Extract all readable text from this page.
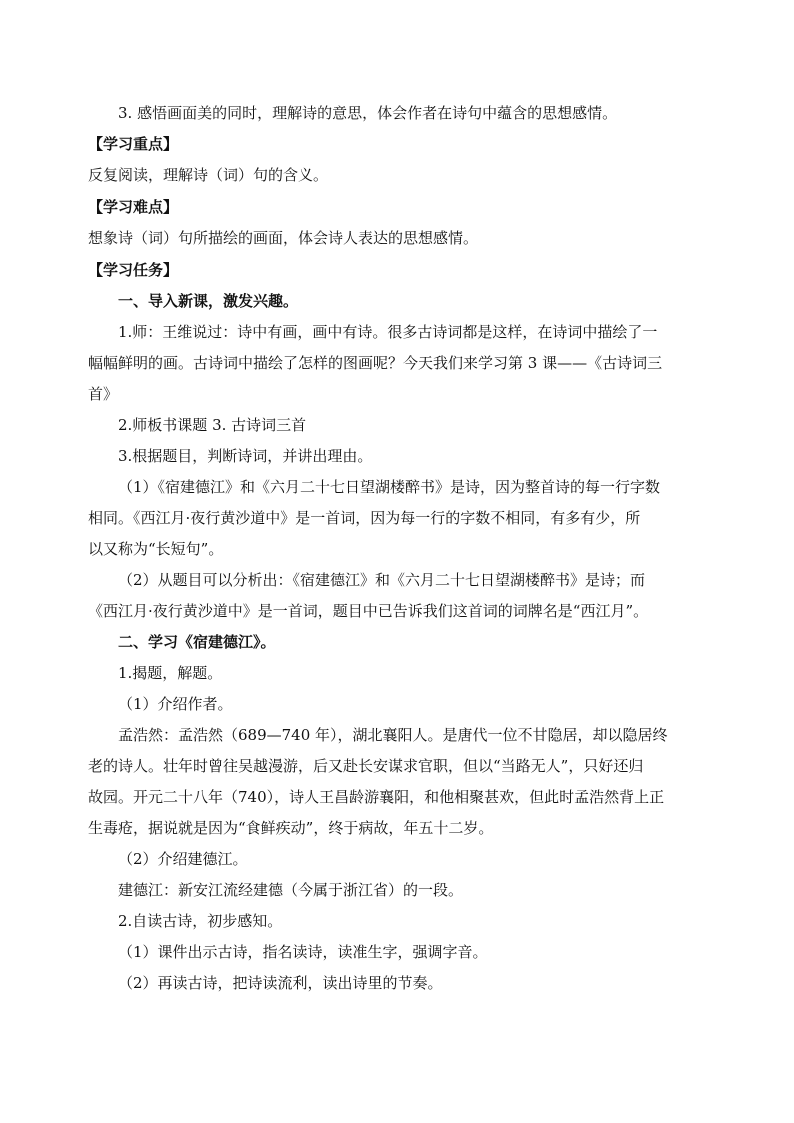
3. 感悟画面美的同时，理解诗的意思，体会作者在诗句中蕴含的思想感情。
【学习重点】
反复阅读，理解诗（词）句的含义。
【学习难点】
想象诗（词）句所描绘的画面，体会诗人表达的思想感情。
【学习任务】
一、导入新课，激发兴趣。
1.师：王维说过：诗中有画，画中有诗。很多古诗词都是这样，在诗词中描绘了一
幅幅鲜明的画。古诗词中描绘了怎样的图画呢？今天我们来学习第 3 课——《古诗词三
首》
2.师板书课题 3. 古诗词三首
3.根据题目，判断诗词，并讲出理由。
（1）《宿建德江》和《六月二十七日望湖楼醉书》是诗，因为整首诗的每一行字数
相同。《西江月·夜行黄沙道中》是一首词，因为每一行的字数不相同，有多有少，所
以又称为“长短句”。
（2）从题目可以分析出：《宿建德江》和《六月二十七日望湖楼醉书》是诗；而
《西江月·夜行黄沙道中》是一首词，题目中已告诉我们这首词的词牌名是“西江月”。
二、学习《宿建德江》。
1.揭题，解题。
（1）介绍作者。
孟浩然：孟浩然（689—740 年），湖北襄阳人。是唐代一位不甘隐居，却以隐居终
老的诗人。壮年时曾往吴越漫游，后又赴长安谋求官职，但以“当路无人”，只好还归
故园。开元二十八年（740），诗人王昌龄游襄阳，和他相聚甚欢，但此时孟浩然背上正
生毒疮，据说就是因为“食鲜疾动”，终于病故，年五十二岁。
（2）介绍建德江。
建德江：新安江流经建德（今属于浙江省）的一段。
2.自读古诗，初步感知。
（1）课件出示古诗，指名读诗，读准生字，强调字音。
（2）再读古诗，把诗读流利，读出诗里的节奏。
